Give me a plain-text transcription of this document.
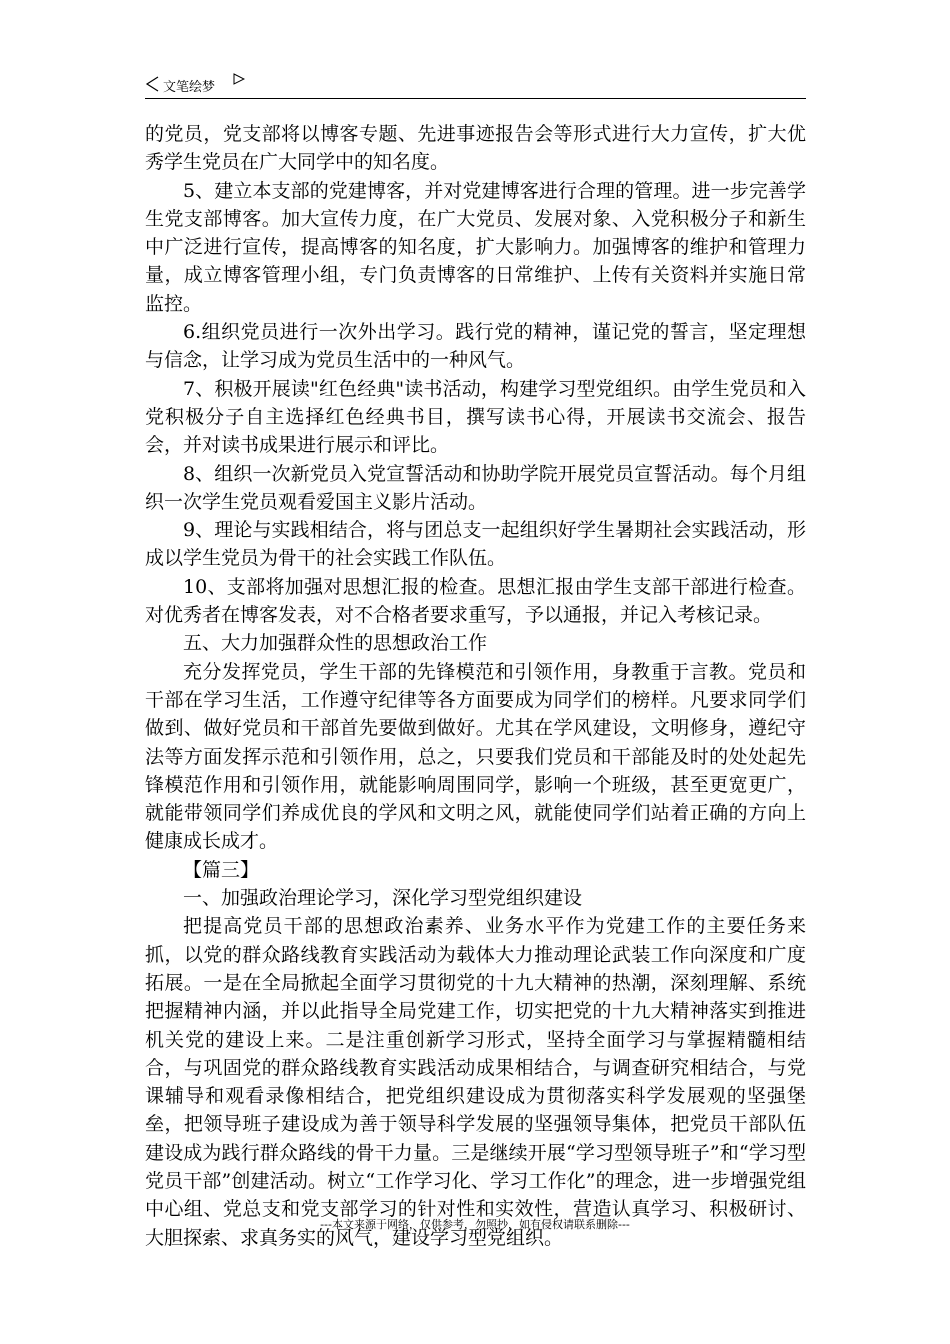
文笔绘梦

的党员，党支部将以博客专题、先进事迹报告会等形式进行大力宣传，扩大优秀学生党员在广大同学中的知名度。

5、建立本支部的党建博客，并对党建博客进行合理的管理。进一步完善学生党支部博客。加大宣传力度，在广大党员、发展对象、入党积极分子和新生中广泛进行宣传，提高博客的知名度，扩大影响力。加强博客的维护和管理力量，成立博客管理小组，专门负责博客的日常维护、上传有关资料并实施日常监控。

6.组织党员进行一次外出学习。践行党的精神，谨记党的誓言，坚定理想与信念，让学习成为党员生活中的一种风气。

7、积极开展读"红色经典"读书活动，构建学习型党组织。由学生党员和入党积极分子自主选择红色经典书目，撰写读书心得，开展读书交流会、报告会，并对读书成果进行展示和评比。

8、组织一次新党员入党宣誓活动和协助学院开展党员宣誓活动。每个月组织一次学生党员观看爱国主义影片活动。

9、理论与实践相结合，将与团总支一起组织好学生暑期社会实践活动，形成以学生党员为骨干的社会实践工作队伍。

10、支部将加强对思想汇报的检查。思想汇报由学生支部干部进行检查。对优秀者在博客发表，对不合格者要求重写，予以通报，并记入考核记录。

五、大力加强群众性的思想政治工作

充分发挥党员，学生干部的先锋模范和引领作用，身教重于言教。党员和干部在学习生活，工作遵守纪律等各方面要成为同学们的榜样。凡要求同学们做到、做好党员和干部首先要做到做好。尤其在学风建设，文明修身，遵纪守法等方面发挥示范和引领作用，总之，只要我们党员和干部能及时的处处起先锋模范作用和引领作用，就能影响周围同学，影响一个班级，甚至更宽更广，就能带领同学们养成优良的学风和文明之风，就能使同学们站着正确的方向上健康成长成才。

【篇三】

一、加强政治理论学习，深化学习型党组织建设

把提高党员干部的思想政治素养、业务水平作为党建工作的主要任务来抓，以党的群众路线教育实践活动为载体大力推动理论武装工作向深度和广度拓展。一是在全局掀起全面学习贯彻党的十九大精神的热潮，深刻理解、系统把握精神内涵，并以此指导全局党建工作，切实把党的十九大精神落实到推进机关党的建设上来。二是注重创新学习形式，坚持全面学习与掌握精髓相结合，与巩固党的群众路线教育实践活动成果相结合，与调查研究相结合，与党课辅导和观看录像相结合，把党组织建设成为贯彻落实科学发展观的坚强堡垒，把领导班子建设成为善于领导科学发展的坚强领导集体，把党员干部队伍建设成为践行群众路线的骨干力量。三是继续开展“学习型领导班子”和“学习型党员干部”创建活动。树立“工作学习化、学习工作化”的理念，进一步增强党组中心组、党总支和党支部学习的针对性和实效性，营造认真学习、积极研讨、大胆探索、求真务实的风气，建设学习型党组织。

---本文来源于网络，仅供参考，勿照抄，如有侵权请联系删除---
